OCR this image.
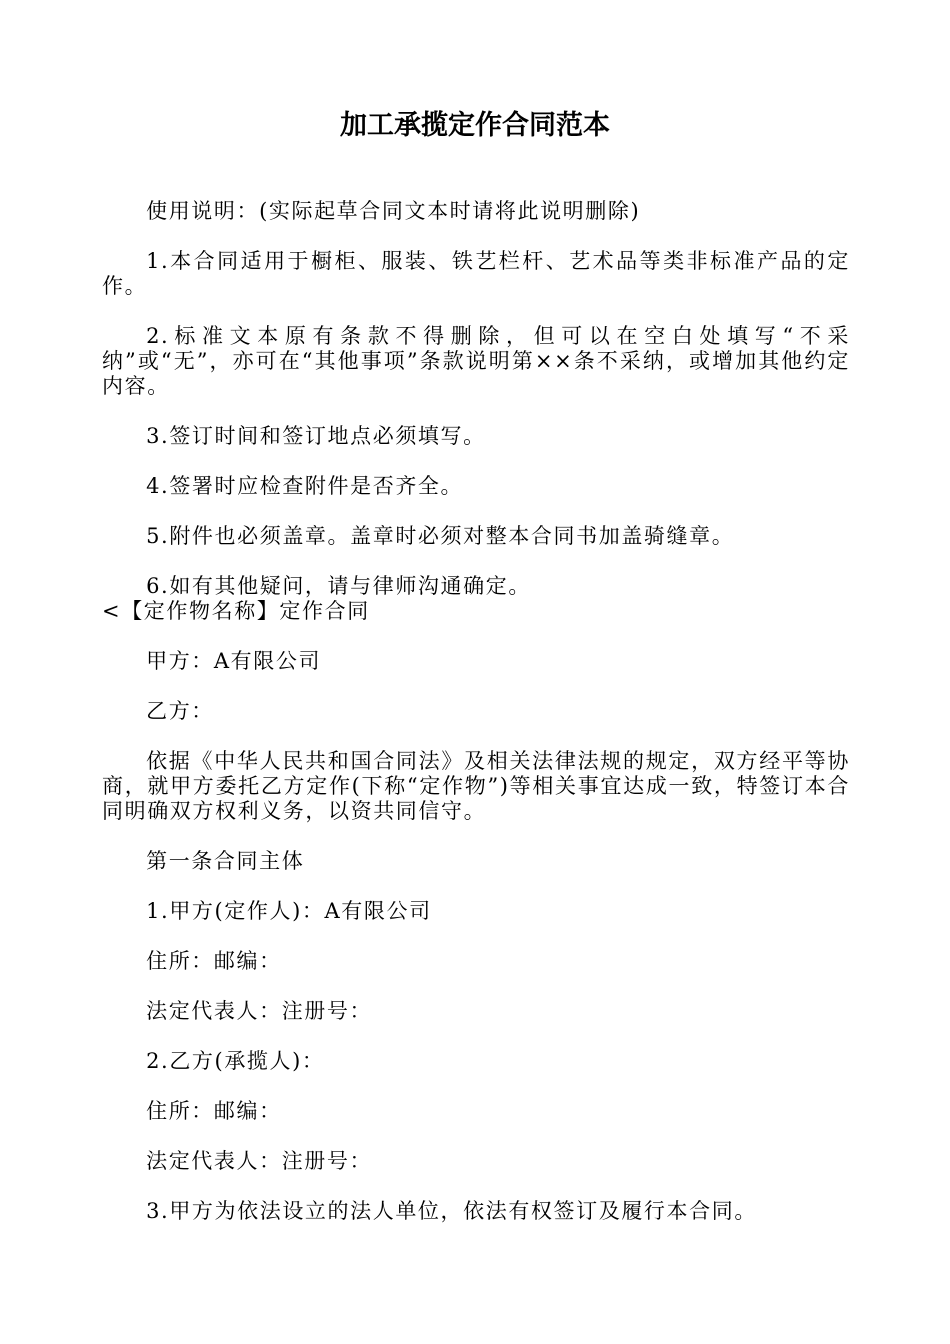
加工承揽定作合同范本

使用说明：(实际起草合同文本时请将此说明删除)

1.本合同适用于橱柜、服装、铁艺栏杆、艺术品等类非标准产品的定作。

2.标准文本原有条款不得删除，但可以在空白处填写“不采纳”或“无”，亦可在“其他事项”条款说明第××条不采纳，或增加其他约定内容。

3.签订时间和签订地点必须填写。

4.签署时应检查附件是否齐全。

5.附件也必须盖章。盖章时必须对整本合同书加盖骑缝章。

6.如有其他疑问，请与律师沟通确定。

<【定作物名称】定作合同

甲方：A有限公司

乙方：

依据《中华人民共和国合同法》及相关法律法规的规定，双方经平等协商，就甲方委托乙方定作(下称“定作物”)等相关事宜达成一致，特签订本合同明确双方权利义务，以资共同信守。

第一条合同主体

1.甲方(定作人)：A有限公司

住所：邮编：

法定代表人：注册号：

2.乙方(承揽人)：

住所：邮编：

法定代表人：注册号：

3.甲方为依法设立的法人单位，依法有权签订及履行本合同。
